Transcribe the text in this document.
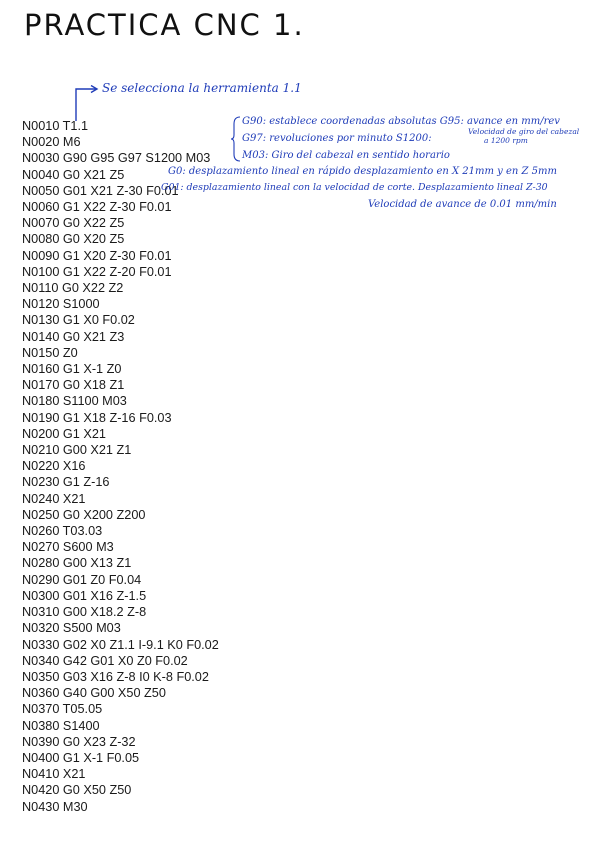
PRACTICA CNC 1.
Se selecciona la herramienta 1.1
N0010 T1.1
N0020 M6
N0030 G90 G95 G97 S1200 M03
N0040 G0 X21 Z5
N0050 G01 X21 Z-30 F0.01
N0060 G1 X22 Z-30 F0.01
N0070 G0 X22 Z5
N0080 G0 X20 Z5
N0090 G1 X20 Z-30 F0.01
N0100 G1 X22 Z-20 F0.01
N0110 G0 X22 Z2
N0120 S1000
N0130 G1 X0 F0.02
N0140 G0 X21 Z3
N0150 Z0
N0160 G1 X-1 Z0
N0170 G0 X18 Z1
N0180 S1100 M03
N0190 G1 X18 Z-16 F0.03
N0200 G1 X21
N0210 G00 X21 Z1
N0220 X16
N0230 G1 Z-16
N0240 X21
N0250 G0 X200 Z200
N0260 T03.03
N0270 S600 M3
N0280 G00 X13 Z1
N0290 G01 Z0 F0.04
N0300 G01 X16 Z-1.5
N0310 G00 X18.2 Z-8
N0320 S500 M03
N0330 G02 X0 Z1.1 I-9.1 K0 F0.02
N0340 G42 G01 X0 Z0 F0.02
N0350 G03 X16 Z-8 I0 K-8 F0.02
N0360 G40 G00 X50 Z50
N0370 T05.05
N0380 S1400
N0390 G0 X23 Z-32
N0400 G1 X-1 F0.05
N0410 X21
N0420 G0 X50 Z50
N0430 M30
G90: establece coordenadas absolutas G95: avance en mm/rev
G97: revoluciones por minuto S1200:
Velocidad de giro del cabezal
a 1200 rpm
M03: Giro del cabezal en sentido horario
G0: desplazamiento lineal en rápido desplazamiento en X 21mm y en Z 5mm
G01: desplazamiento lineal con la velocidad de corte. Desplazamiento lineal Z-30
Velocidad de avance de 0.01 mm/min
